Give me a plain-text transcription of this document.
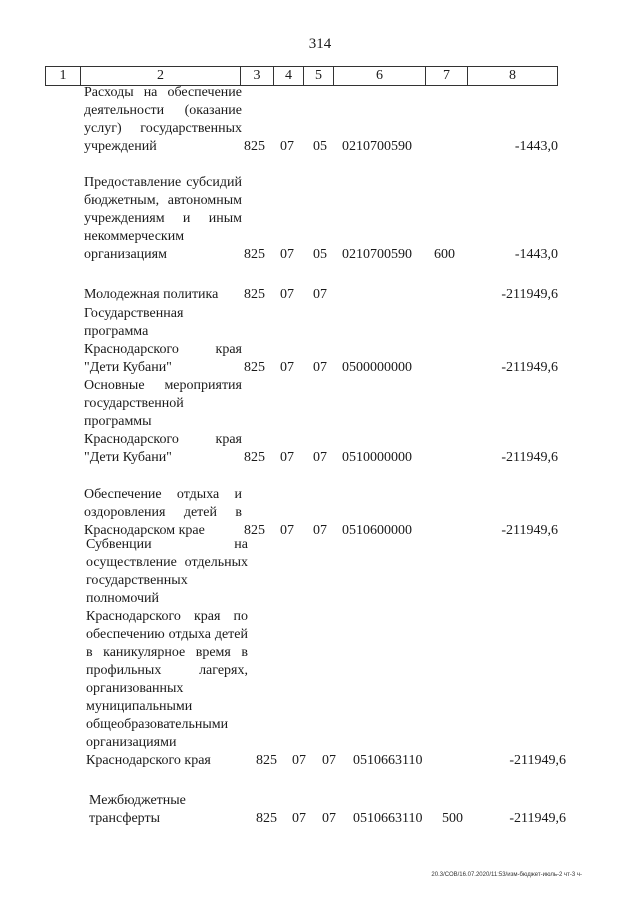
314
1	2	3	4	5	6	7	8
Расходы на обеспечение деятельности (оказание услуг) государственных учреждений	825 07 05 0210700590	-1443,0
Предоставление субсидий бюджетным, автономным учреждениям и иным некоммерческим организациям	825 07 05 0210700590 600	-1443,0
Молодежная политика	825 07 07	-211949,6
Государственная программа Краснодарского края "Дети Кубани"	825 07 07 0500000000	-211949,6
Основные мероприятия государственной программы Краснодарского края "Дети Кубани"	825 07 07 0510000000	-211949,6
Обеспечение отдыха и оздоровления детей в Краснодарском крае	825 07 07 0510600000	-211949,6
Субвенции на осуществление отдельных государственных полномочий Краснодарского края по обеспечению отдыха детей в каникулярное время в профильных лагерях, организованных муниципальными общеобразовательными организациями Краснодарского края	825 07 07 0510663110	-211949,6
Межбюджетные трансферты	825 07 07 0510663110 500	-211949,6
20.3/СОВ/16.07.2020/11:53/изм-бюджет-июль-2 чт-3 ч-
